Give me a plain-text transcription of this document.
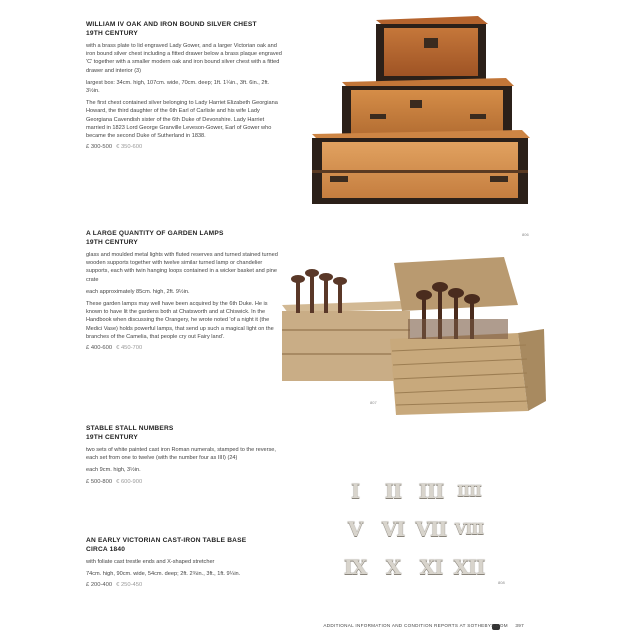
WILLIAM IV OAK AND IRON BOUND SILVER CHEST
19TH CENTURY

with a brass plate to lid engraved Lady Gower, and a larger Victorian oak and iron bound silver chest including a fitted drawer below a brass plaque engraved 'C' together with a smaller modern oak and iron bound silver chest with a fitted drawer and interior (3)

largest box: 34cm. high, 107cm. wide, 70cm. deep; 1ft. 1¼in., 3ft. 6in., 2ft. 3½in.

The first chest contained silver belonging to Lady Harriet Elizabeth Georgiana Howard, the third daughter of the 6th Earl of Carlisle and his wife Lady Georgiana Cavendish sister of the 6th Duke of Devonshire. Lady Harriet married in 1823 Lord George Granville Leveson-Gower, Earl of Gower who became the second Duke of Sutherland in 1838.

£ 300-500 € 350-600
A LARGE QUANTITY OF GARDEN LAMPS
19TH CENTURY

glass and moulded metal lights with fluted reserves and turned stained turned wooden supports together with twelve similar turned lamp or chandelier supports, each with twin hanging loops contained in a wicker basket and pine crate

each approximately 85cm. high, 2ft. 9½in.

These garden lamps may well have been acquired by the 6th Duke. He is known to have lit the gardens both at Chatsworth and at Chiswick. In the Handbook when discussing the Orangery, he wrote noted 'of a night it (the Medici Vase) holds powerful lamps, that send up such a magical light on the branches of the Camelia, that people cry out Fairy land'.

£ 400-600 € 450-700
STABLE STALL NUMBERS
19TH CENTURY

two sets of white painted cast iron Roman numerals, stamped to the reverse, each set from one to twelve (with the number four as IIII) (24)

each 9cm. high, 3½in.

£ 500-800 € 600-900
AN EARLY VICTORIAN CAST-IRON TABLE BASE
CIRCA 1840

with foliate cast trestle ends and X-shaped stretcher

74cm. high, 90cm. wide, 54cm. deep; 2ft. 2¾in., 3ft., 1ft. 9¼in.

£ 200-400 € 250-450
806
807
I	II III IIII
V VI VII VIII
IX X XI XII
808
ADDITIONAL INFORMATION AND CONDITION REPORTS AT SOTHEBYS.COM 397
